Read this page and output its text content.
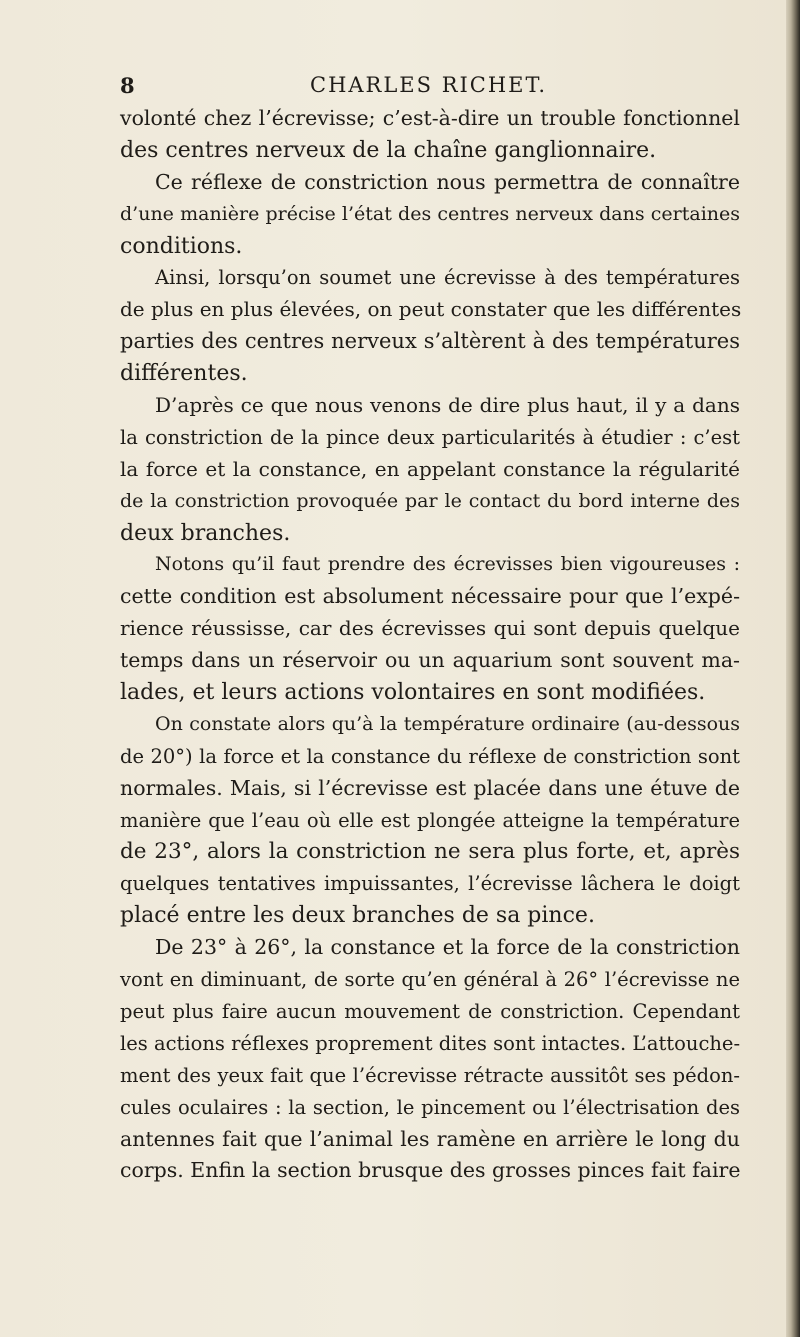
8	CHARLES RICHET.
volonté chez l’écrevisse; c’est-à-dire un trouble fonctionnel
des centres nerveux de la chaîne ganglionnaire.
Ce réflexe de constriction nous permettra de connaître
d’une manière précise l’état des centres nerveux dans certaines
conditions.
Ainsi, lorsqu’on soumet une écrevisse à des températures
de plus en plus élevées, on peut constater que les différentes
parties des centres nerveux s’altèrent à des températures
différentes.
D’après ce que nous venons de dire plus haut, il y a dans
la constriction de la pince deux particularités à étudier : c’est
la force et la constance, en appelant constance la régularité
de la constriction provoquée par le contact du bord interne des
deux branches.
Notons qu’il faut prendre des écrevisses bien vigoureuses :
cette condition est absolument nécessaire pour que l’expé-
rience réussisse, car des écrevisses qui sont depuis quelque
temps dans un réservoir ou un aquarium sont souvent ma-
lades, et leurs actions volontaires en sont modifiées.
On constate alors qu’à la température ordinaire (au-dessous
de 20°) la force et la constance du réflexe de constriction sont
normales. Mais, si l’écrevisse est placée dans une étuve de
manière que l’eau où elle est plongée atteigne la température
de 23°, alors la constriction ne sera plus forte, et, après
quelques tentatives impuissantes, l’écrevisse lâchera le doigt
placé entre les deux branches de sa pince.
De 23° à 26°, la constance et la force de la constriction
vont en diminuant, de sorte qu’en général à 26° l’écrevisse ne
peut plus faire aucun mouvement de constriction. Cependant
les actions réflexes proprement dites sont intactes. L’attouche-
ment des yeux fait que l’écrevisse rétracte aussitôt ses pédon-
cules oculaires : la section, le pincement ou l’électrisation des
antennes fait que l’animal les ramène en arrière le long du
corps. Enfin la section brusque des grosses pinces fait faire
